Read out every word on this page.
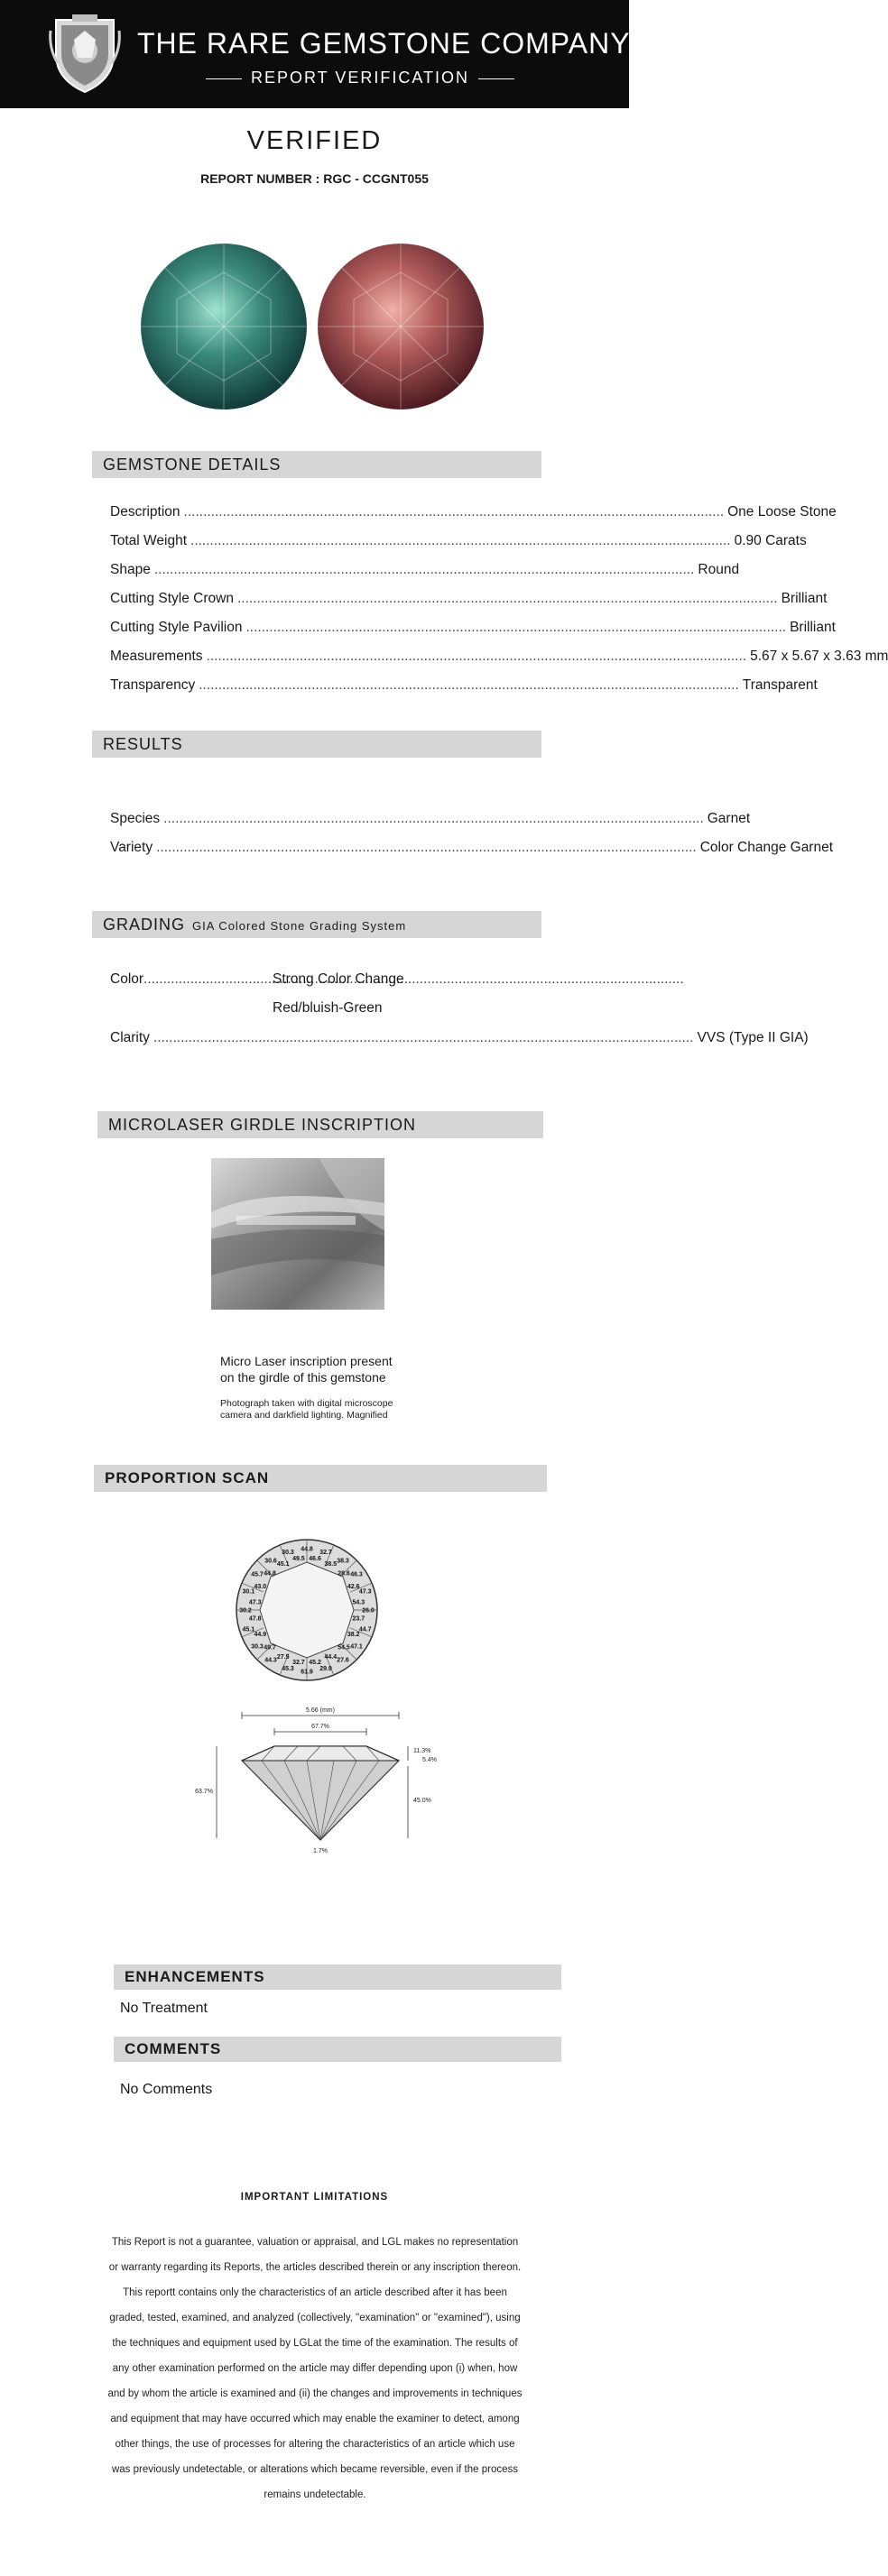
THE RARE GEMSTONE COMPANY ™
REPORT VERIFICATION
VERIFIED
REPORT NUMBER : RGC - CCGNT055
GEMSTONE DETAILS
Description .....	One Loose Stone
Total Weight .....	0.90 Carats
Shape .....	Round
Cutting Style Crown .....	Brilliant
Cutting Style Pavilion .....	Brilliant
Measurements .....	5.67 x 5.67 x 3.63 mm
Transparency .....	Transparent
RESULTS
Species .....	Garnet
Variety .....	Color Change Garnet
GRADING GIA Colored Stone Grading System
Color .....	Strong Color Change
Red/bluish-Green
Clarity .....	VVS (Type II GIA)
MICROLASER GIRDLE INSCRIPTION
Micro Laser inscription present
on the girdle of this gemstone
Photograph taken with digital microscope
camera and darkfield lighting. Magnified
PROPORTION SCAN
44.8
46.6
32.7
38.5 38.3
28.6 46.3
42.6
47.3
54.3
26.0
23.7
44.7
38.2
47.1
54.5
27.6
44.4
29.9
45.2
61.9
32.7
45.3
27.5
44.3
49.7
30.3
44.9
45.1
47.8
30.2
47.3
30.1
43.0
45.7 44.8
30.6 45.1
30.3
49.5
5.66 (mm)
67.7%
63.7%
11.3%
5.4%
45.0%
1.7%
ENHANCEMENTS
No Treatment
COMMENTS
No Comments
IMPORTANT LIMITATIONS
This Report is not a guarantee, valuation or appraisal, and LGL makes no representation or warranty regarding its Reports, the articles described therein or any inscription thereon. This reportt contains only the characteristics of an article described after it has been graded, tested, examined, and analyzed (collectively, "examination" or "examined"), using the techniques and equipment used by LGLat the time of the examination. The results of any other examination performed on the article may differ depending upon (i) when, how and by whom the article is examined and (ii) the changes and improvements in techniques and equipment that may have occurred which may enable the examiner to detect, among other things, the use of processes for altering the characteristics of an article which use was previously undetectable, or alterations which became reversible, even if the process remains undetectable.
